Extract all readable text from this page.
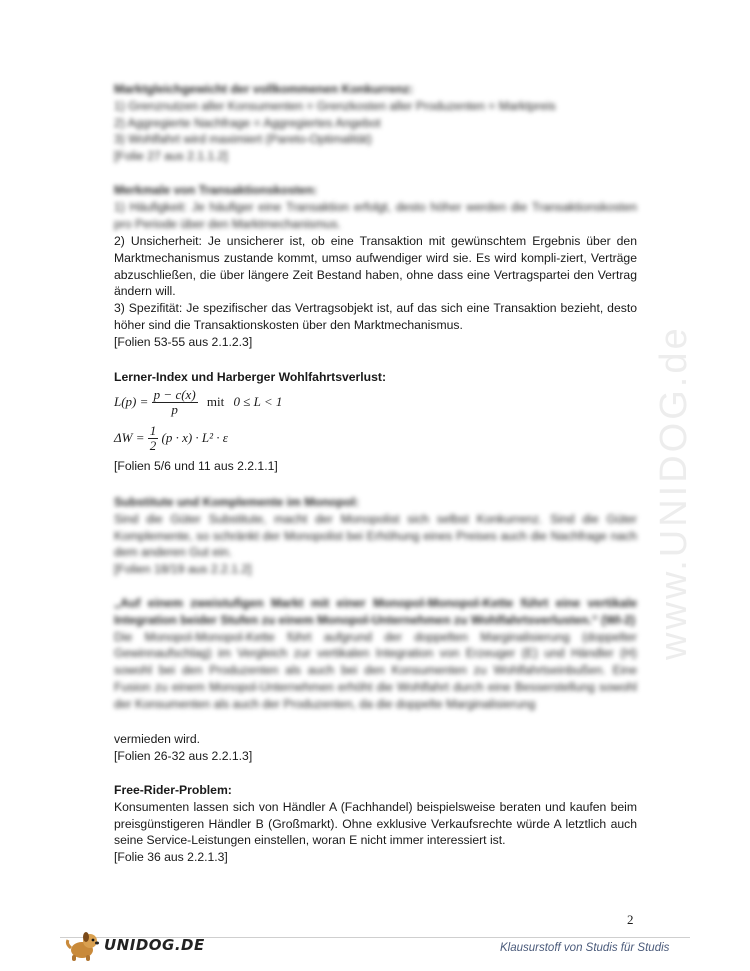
www.UNIDOG.de

Marktgleichgewicht der vollkommenen Konkurrenz:

1) Grenznutzen aller Konsumenten = Grenzkosten aller Produzenten = Marktpreis

2) Aggregierte Nachfrage = Aggregiertes Angebot

3) Wohlfahrt wird maximiert (Pareto-Optimalität)

[Folie 27 aus 2.1.1.2]

Merkmale von Transaktionskosten:

1) Häufigkeit: Je häufiger eine Transaktion erfolgt, desto höher werden die Transaktionskosten pro Periode über den Marktmechanismus.

2) Unsicherheit: Je unsicherer ist, ob eine Transaktion mit gewünschtem Ergebnis über den Marktmechanismus zustande kommt, umso aufwendiger wird sie. Es wird kompli-ziert, Verträge abzuschließen, die über längere Zeit Bestand haben, ohne dass eine Vertragspartei den Vertrag ändern will.

3) Spezifität: Je spezifischer das Vertragsobjekt ist, auf das sich eine Transaktion bezieht, desto höher sind die Transaktionskosten über den Marktmechanismus.

[Folien 53-55 aus 2.1.2.3]

Lerner-Index und Harberger Wohlfahrtsverlust:

$L(p) = \frac{p - c(x)}{p}$ mit 0 ≤ L < 1
$\Delta W = \frac{1}{2} (p \cdot x) \cdot L^2 \cdot \varepsilon$

[Folien 5/6 und 11 aus 2.2.1.1]

Substitute und Komplemente im Monopol:

Sind die Güter Substitute, macht der Monopolist sich selbst Konkurrenz. Sind die Güter Komplemente, so schränkt der Monopolist bei Erhöhung eines Preises auch die Nachfrage nach dem anderen Gut ein.

[Folien 18/19 aus 2.2.1.2]

„Auf einem zweistufigen Markt mit einer Monopol-Monopol-Kette führt eine vertikale Integration beider Stufen zu einem Monopol-Unternehmen zu Wohlfahrtsverlusten.“ (WI-2)

Die Monopol-Monopol-Kette führt aufgrund der doppelten Marginalisierung (doppelter Gewinnaufschlag) im Vergleich zur vertikalen Integration von Erzeuger (E) und Händler (H) sowohl bei den Produzenten als auch bei den Konsumenten zu Wohlfahrtseinbußen. Eine Fusion zu einem Monopol-Unternehmen erhöht die Wohlfahrt durch eine Besserstellung sowohl der Konsumenten als auch der Produzenten, da die doppelte Marginalisierung

vermieden wird.

[Folien 26-32 aus 2.2.1.3]

Free-Rider-Problem:

Konsumenten lassen sich von Händler A (Fachhandel) beispielsweise beraten und kaufen beim preisgünstigeren Händler B (Großmarkt). Ohne exklusive Verkaufsrechte würde A letztlich auch seine Service-Leistungen einstellen, woran E nicht immer interessiert ist.

[Folie 36 aus 2.2.1.3]

2
UNIDOG.DE	Klausurstoff von Studis für Studis
